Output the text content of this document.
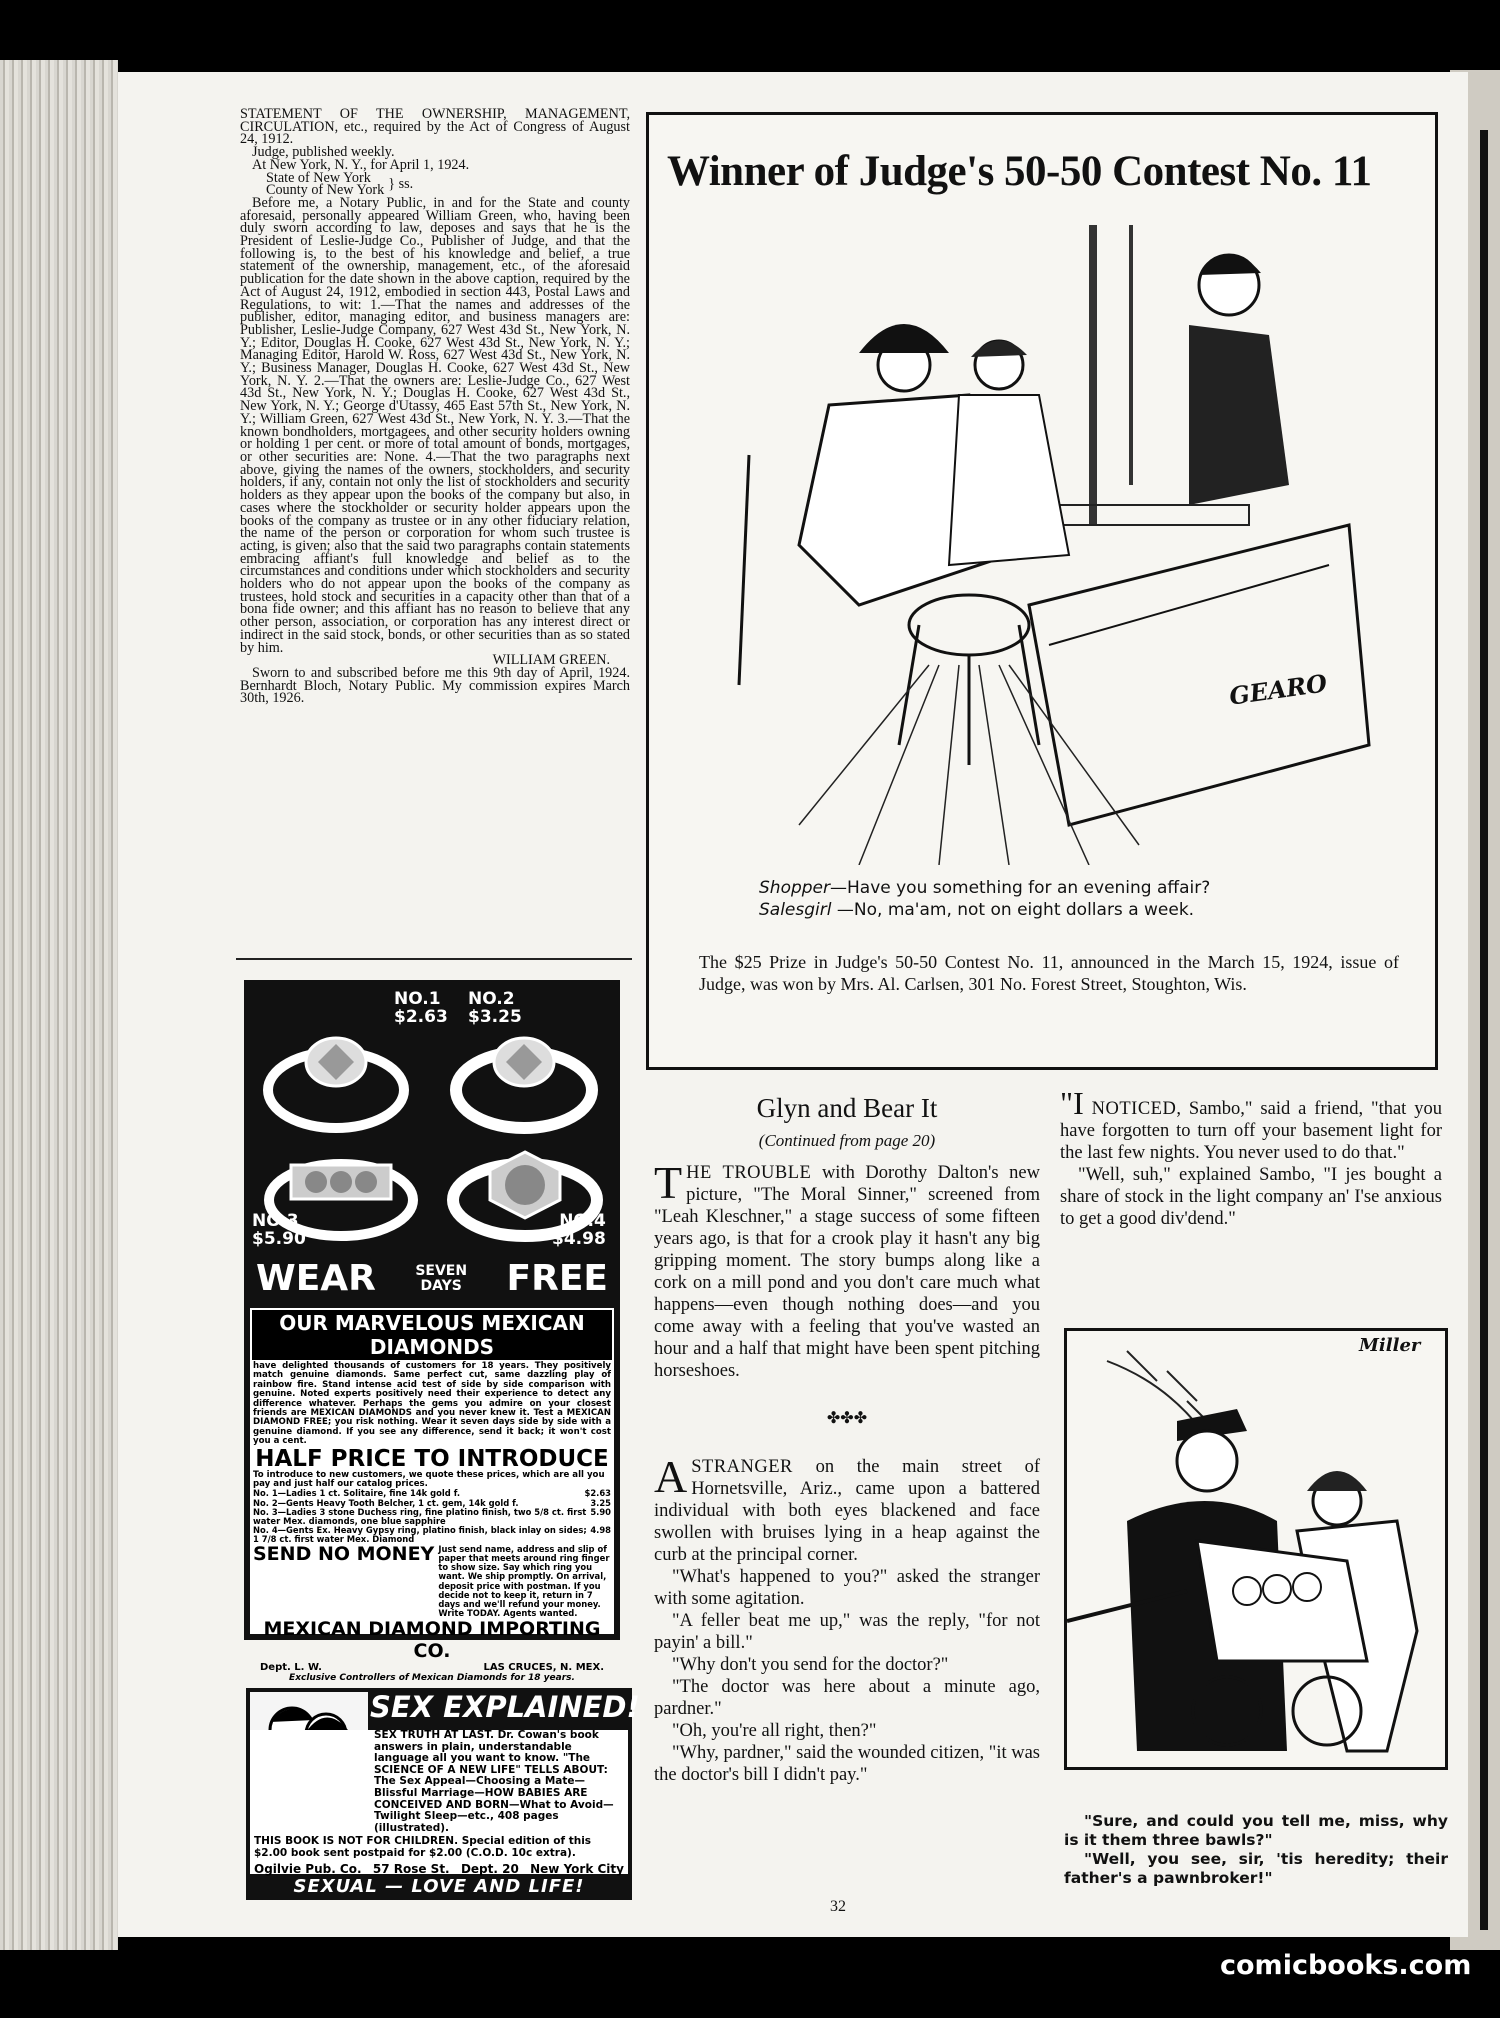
STATEMENT OF THE OWNERSHIP, MANAGEMENT, CIRCULATION, etc., required by the Act of Congress of August 24, 1912.

Judge, published weekly.

At New York, N. Y., for April 1, 1924.

State of New York
County of New York } ss.

Before me, a Notary Public, in and for the State and county aforesaid, personally appeared William Green, who, having been duly sworn according to law, deposes and says that he is the President of Leslie-Judge Co., Publisher of Judge, and that the following is, to the best of his knowledge and belief, a true statement of the ownership, management, etc., of the aforesaid publication for the date shown in the above caption, required by the Act of August 24, 1912, embodied in section 443, Postal Laws and Regulations, to wit: 1.—That the names and addresses of the publisher, editor, managing editor, and business managers are: Publisher, Leslie-Judge Company, 627 West 43d St., New York, N. Y.; Editor, Douglas H. Cooke, 627 West 43d St., New York, N. Y.; Managing Editor, Harold W. Ross, 627 West 43d St., New York, N. Y.; Business Manager, Douglas H. Cooke, 627 West 43d St., New York, N. Y. 2.—That the owners are: Leslie-Judge Co., 627 West 43d St., New York, N. Y.; Douglas H. Cooke, 627 West 43d St., New York, N. Y.; George d'Utassy, 465 East 57th St., New York, N. Y.; William Green, 627 West 43d St., New York, N. Y. 3.—That the known bondholders, mortgagees, and other security holders owning or holding 1 per cent. or more of total amount of bonds, mortgages, or other securities are: None. 4.—That the two paragraphs next above, giving the names of the owners, stockholders, and security holders, if any, contain not only the list of stockholders and security holders as they appear upon the books of the company but also, in cases where the stockholder or security holder appears upon the books of the company as trustee or in any other fiduciary relation, the name of the person or corporation for whom such trustee is acting, is given; also that the said two paragraphs contain statements embracing affiant's full knowledge and belief as to the circumstances and conditions under which stockholders and security holders who do not appear upon the books of the company as trustees, hold stock and securities in a capacity other than that of a bona fide owner; and this affiant has no reason to believe that any other person, association, or corporation has any interest direct or indirect in the said stock, bonds, or other securities than as so stated by him.

WILLIAM GREEN.

Sworn to and subscribed before me this 9th day of April, 1924. Bernhardt Bloch, Notary Public. My commission expires March 30th, 1926.

NO.1
$2.63
NO.2
$3.25
NO.3
$5.90
NO.4
$4.98
WEAR	SEVEN
DAYS FREE
OUR MARVELOUS MEXICAN DIAMONDS
have delighted thousands of customers for 18 years. They positively match genuine diamonds. Same perfect cut, same dazzling play of rainbow fire. Stand intense acid test of side by side comparison with genuine. Noted experts positively need their experience to detect any difference whatever. Perhaps the gems you admire on your closest friends are MEXICAN DIAMONDS and you never knew it. Test a MEXICAN DIAMOND FREE; you risk nothing. Wear it seven days side by side with a genuine diamond. If you see any difference, send it back; it won't cost you a cent.
HALF PRICE TO INTRODUCE
To introduce to new customers, we quote these prices, which are all you pay and just half our catalog prices.
No. 1—Ladies 1 ct. Solitaire, fine 14k gold f.	$2.63
No. 2—Gents Heavy Tooth Belcher, 1 ct. gem, 14k gold f.	3.25
No. 3—Ladies 3 stone Duchess ring, fine platino finish, two 5/8 ct. first water Mex. diamonds, one blue sapphire
5.90
No. 4—Gents Ex. Heavy Gypsy ring, platino finish, black inlay on sides; 1 7/8 ct. first water Mex. Diamond
4.98
SEND NO MONEY Just send name, address and slip of paper that meets around ring finger to show size. Say which ring you want. We ship promptly. On arrival, deposit price with postman. If you decide not to keep it, return in 7 days and we'll refund your money. Write TODAY. Agents wanted.
MEXICAN DIAMOND IMPORTING CO.
Dept. L. W.	LAS CRUCES, N. MEX.
Exclusive Controllers of Mexican Diamonds for 18 years.
SEX EXPLAINED!
SEX TRUTH AT LAST. Dr. Cowan's book answers in plain, understandable language all you want to know. "The SCIENCE OF A NEW LIFE" TELLS ABOUT: The Sex Appeal—Choosing a Mate—Blissful Marriage—HOW BABIES ARE CONCEIVED AND BORN—What to Avoid—Twilight Sleep—etc., 408 pages (illustrated).
THIS BOOK IS NOT FOR CHILDREN. Special edition of this $2.00 book sent postpaid for $2.00 (C.O.D. 10c extra).
Ogilvie Pub. Co. 57 Rose St. Dept. 20 New York City
SEXUAL — LOVE AND LIFE!
Winner of Judge's 50-50 Contest No. 11
GEARO
Shopper—Have you something for an evening affair?
Salesgirl —No, ma'am, not on eight dollars a week.
The $25 Prize in Judge's 50-50 Contest No. 11, announced in the March 15, 1924, issue of Judge, was won by Mrs. Al. Carlsen, 301 No. Forest Street, Stoughton, Wis.
Glyn and Bear It
(Continued from page 20)

THE TROUBLE with Dorothy Dalton's new picture, "The Moral Sinner," screened from "Leah Kleschner," a stage success of some fifteen years ago, is that for a crook play it hasn't any big gripping moment. The story bumps along like a cork on a mill pond and you don't care much what happens—even though nothing does—and you come away with a feeling that you've wasted an hour and a half that might have been spent pitching horseshoes.

✤✤✤

ASTRANGER on the main street of Hornetsville, Ariz., came upon a battered individual with both eyes blackened and face swollen with bruises lying in a heap against the curb at the principal corner.

"What's happened to you?" asked the stranger with some agitation.

"A feller beat me up," was the reply, "for not payin' a bill."

"Why don't you send for the doctor?"

"The doctor was here about a minute ago, pardner."

"Oh, you're all right, then?"

"Why, pardner," said the wounded citizen, "it was the doctor's bill I didn't pay."

"I NOTICED, Sambo," said a friend, "that you have forgotten to turn off your basement light for the last few nights. You never used to do that."

"Well, suh," explained Sambo, "I jes bought a share of stock in the light company an' I'se anxious to get a good div'dend."

Miller
"Sure, and could you tell me, miss, why is it them three bawls?"
"Well, you see, sir, 'tis heredity; their father's a pawnbroker!"
32
comicbooks.com
